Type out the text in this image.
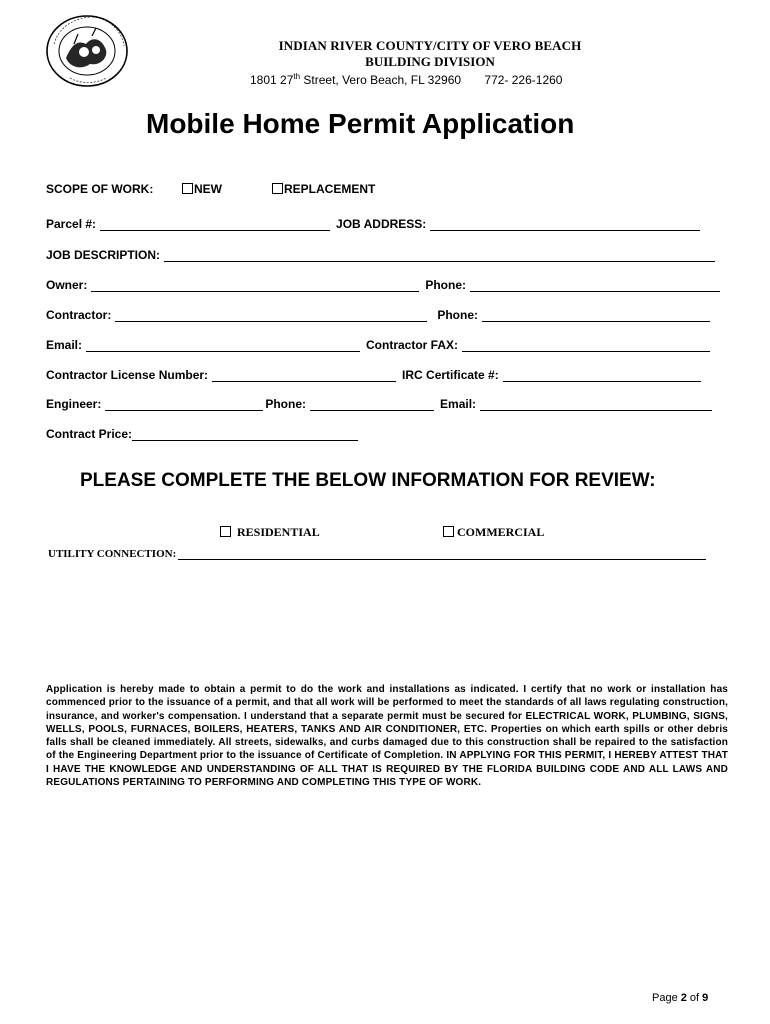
INDIAN RIVER COUNTY/CITY OF VERO BEACH
BUILDING DIVISION
1801 27th Street, Vero Beach, FL 32960 772- 226-1260
Mobile Home Permit Application
SCOPE OF WORK:	NEW	REPLACEMENT
Parcel #:	JOB ADDRESS:
JOB DESCRIPTION:
Owner:	Phone:
Contractor:	Phone:
Email:	Contractor FAX:
Contractor License Number:	IRC Certificate #:
Engineer:	Phone:	Email:
Contract Price:
PLEASE COMPLETE THE BELOW INFORMATION FOR REVIEW:
RESIDENTIAL	COMMERCIAL
UTILITY CONNECTION:
Application is hereby made to obtain a permit to do the work and installations as indicated. I certify that no work or installation has commenced prior to the issuance of a permit, and that all work will be performed to meet the standards of all laws regulating construction, insurance, and worker's compensation. I understand that a separate permit must be secured for ELECTRICAL WORK, PLUMBING, SIGNS, WELLS, POOLS, FURNACES, BOILERS, HEATERS, TANKS AND AIR CONDITIONER, ETC. Properties on which earth spills or other debris falls shall be cleaned immediately. All streets, sidewalks, and curbs damaged due to this construction shall be repaired to the satisfaction of the Engineering Department prior to the issuance of Certificate of Completion. IN APPLYING FOR THIS PERMIT, I HEREBY ATTEST THAT I HAVE THE KNOWLEDGE AND UNDERSTANDING OF ALL THAT IS REQUIRED BY THE FLORIDA BUILDING CODE AND ALL LAWS AND REGULATIONS PERTAINING TO PERFORMING AND COMPLETING THIS TYPE OF WORK.
Page 2 of 9
